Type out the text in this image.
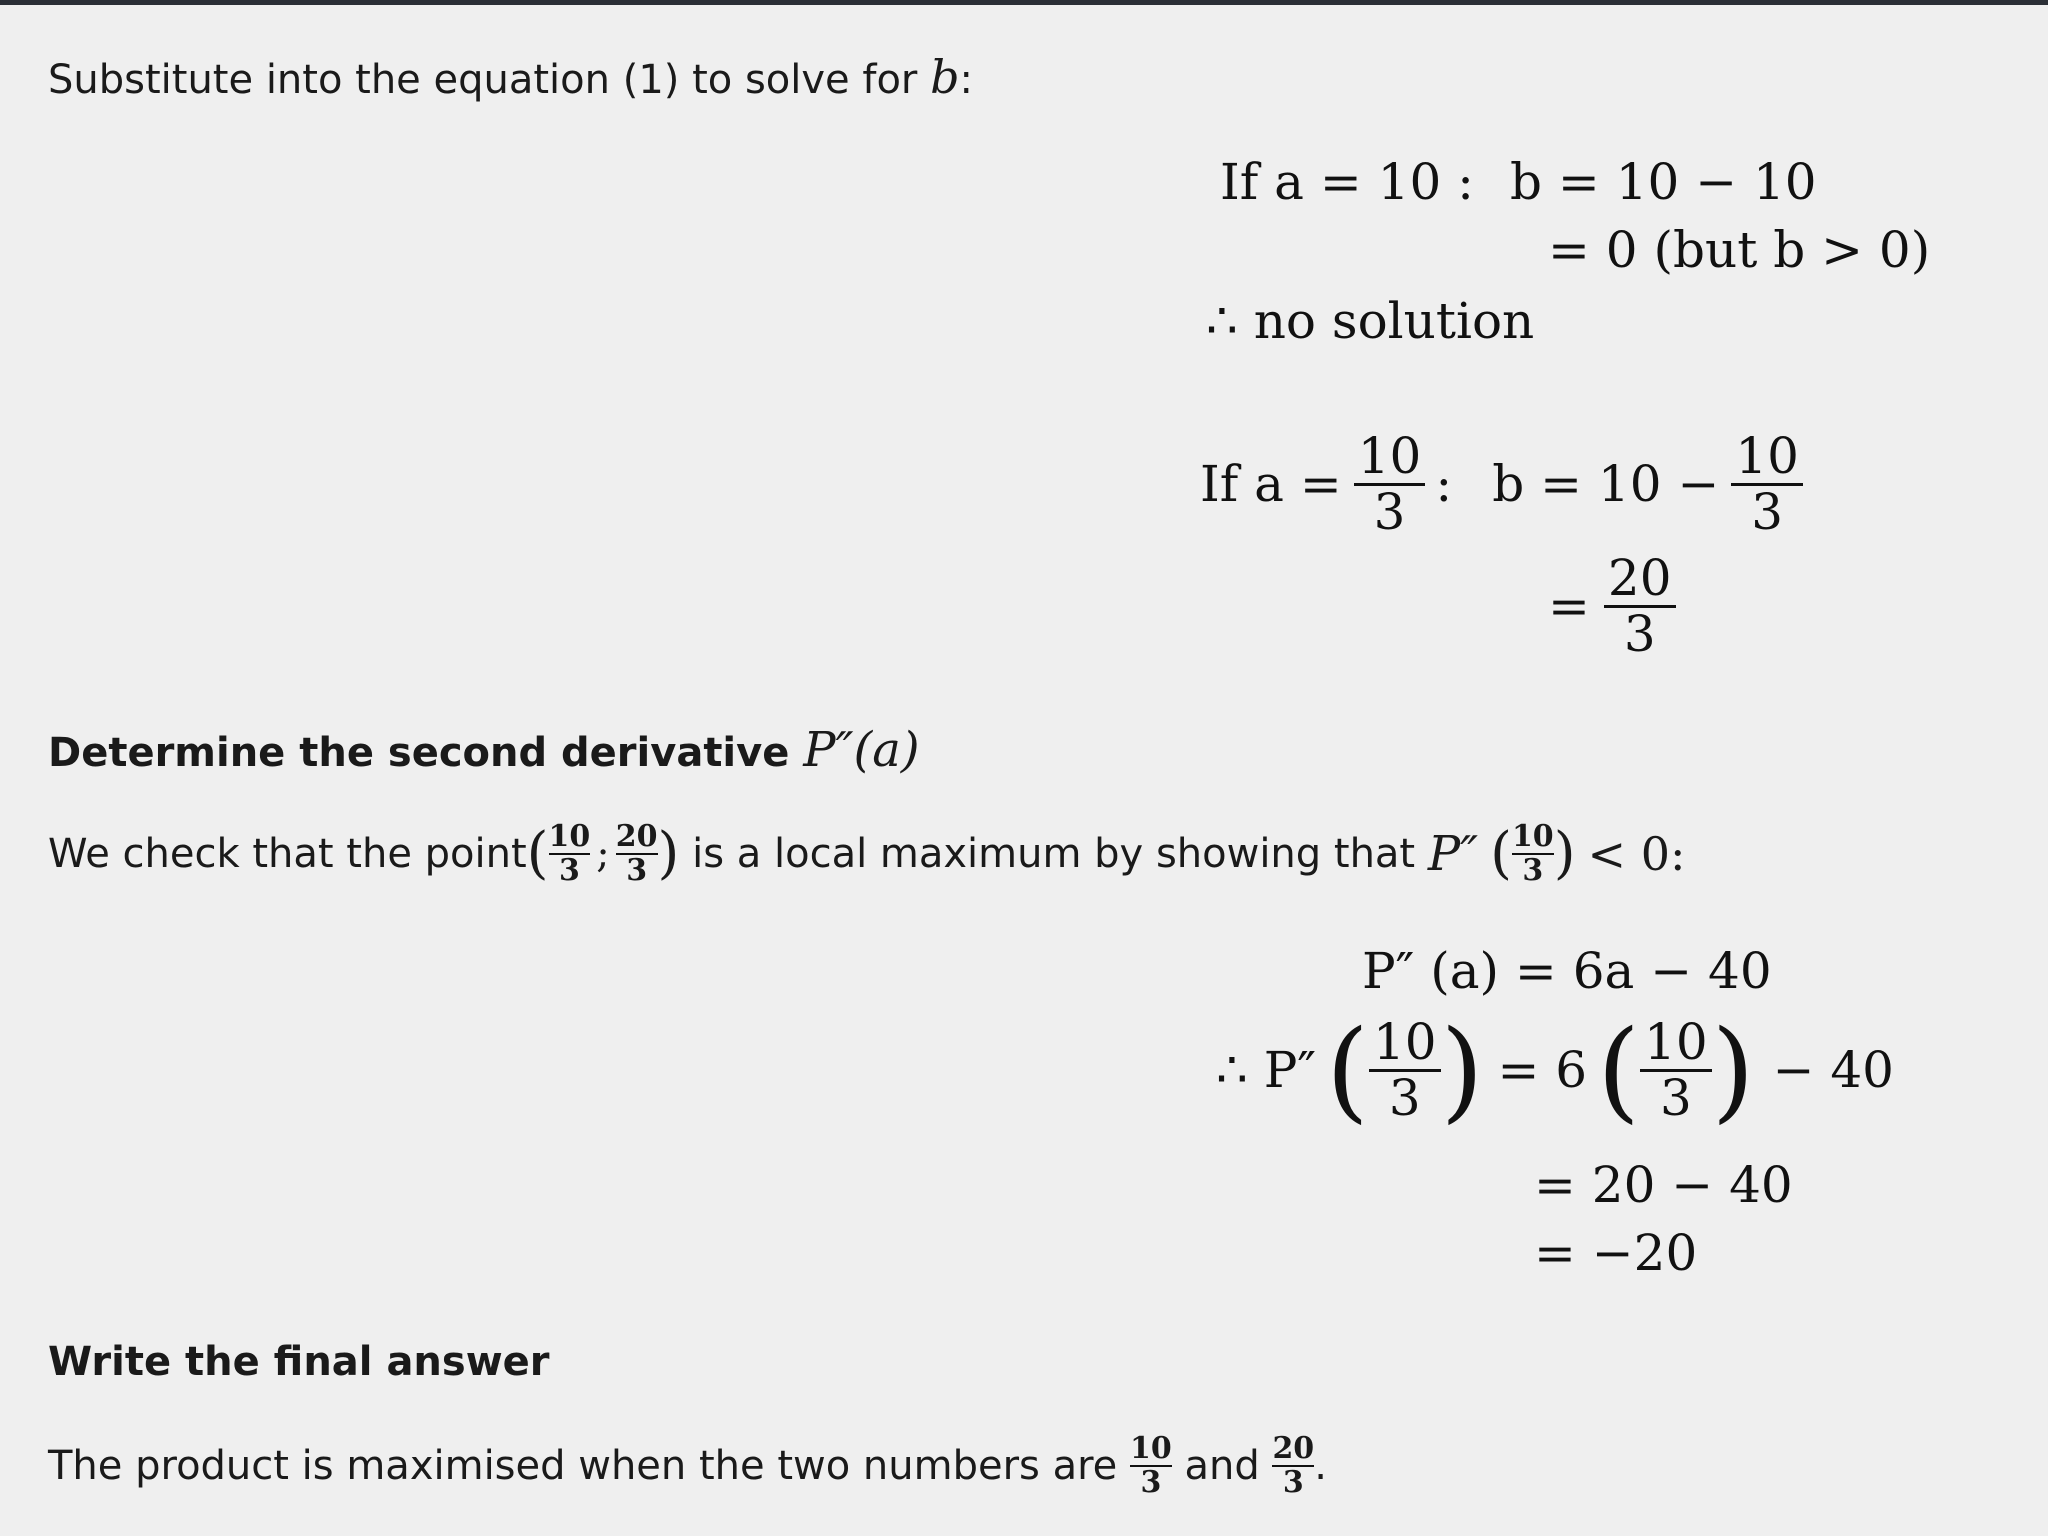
Substitute into the equation (1) to solve for b:
If a = 10 : b = 10 − 10
= 0 (but b > 0)
∴ no solution
If $a = \frac{10}{3}$ : $b = 10 - \frac{10}{3}$
= $\frac{20}{3}$
Determine the second derivative P″(a)
We check that the point ( 10
3 ; 20
3 ) is a local maximum by showing that P″ ( 10
3 ) < 0:
P″ (a) = 6a − 40
∴ P″ ( $\frac{10}{3}$ ) = 6 ( $\frac{10}{3}$ ) − 40
= 20 − 40
= −20
Write the final answer
The product is maximised when the two numbers are 10
3 and 20
3 .
